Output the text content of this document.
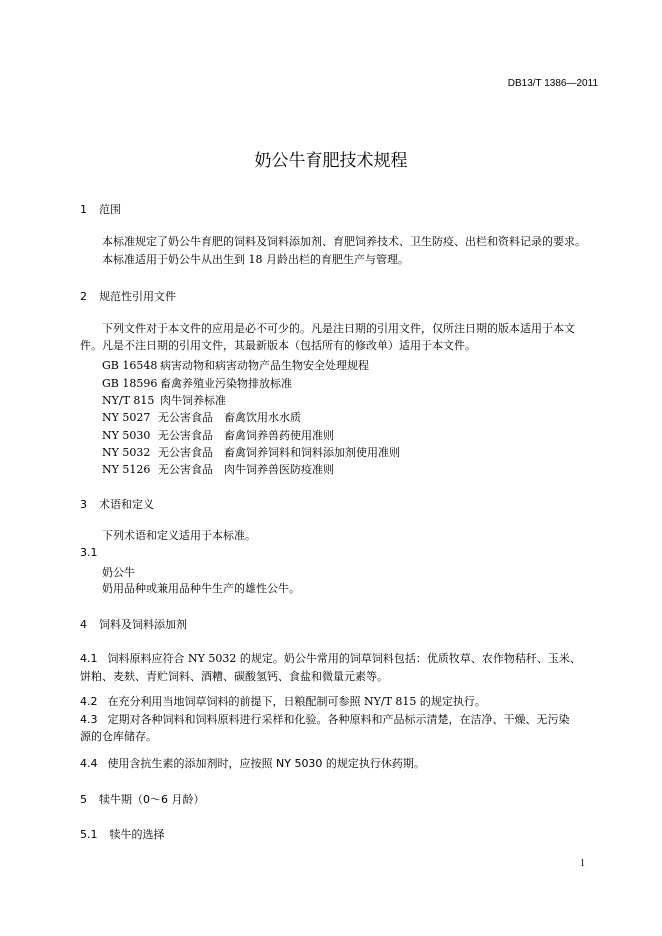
DB13/T 1386—2011
奶公牛育肥技术规程
1 范围
本标准规定了奶公牛育肥的饲料及饲料添加剂、育肥饲养技术、卫生防疫、出栏和资料记录的要求。
本标准适用于奶公牛从出生到 18 月龄出栏的育肥生产与管理。
2 规范性引用文件
下列文件对于本文件的应用是必不可少的。凡是注日期的引用文件，仅所注日期的版本适用于本文
件。凡是不注日期的引用文件，其最新版本（包括所有的修改单）适用于本文件。
GB 16548 病害动物和病害动物产品生物安全处理规程
GB 18596 畜禽养殖业污染物排放标准
NY/T 815 肉牛饲养标准
NY 5027 无公害食品　畜禽饮用水水质
NY 5030 无公害食品　畜禽饲养兽药使用准则
NY 5032 无公害食品　畜禽饲养饲料和饲料添加剂使用准则
NY 5126 无公害食品　肉牛饲养兽医防疫准则
3 术语和定义
下列术语和定义适用于本标准。
3.1
奶公牛
奶用品种或兼用品种牛生产的雄性公牛。
4 饲料及饲料添加剂
4.1 饲料原料应符合 NY 5032 的规定。奶公牛常用的饲草饲料包括：优质牧草、农作物秸秆、玉米、
饼粕、麦麸、青贮饲料、酒糟、碳酸氢钙、食盐和微量元素等。
4.2 在充分利用当地饲草饲料的前提下，日粮配制可参照 NY/T 815 的规定执行。
4.3 定期对各种饲料和饲料原料进行采样和化验。各种原料和产品标示清楚，在洁净、干燥、无污染
源的仓库储存。
4.4 使用含抗生素的添加剂时，应按照 NY 5030 的规定执行休药期。
5 犊牛期（0～6 月龄）
5.1 犊牛的选择
1
